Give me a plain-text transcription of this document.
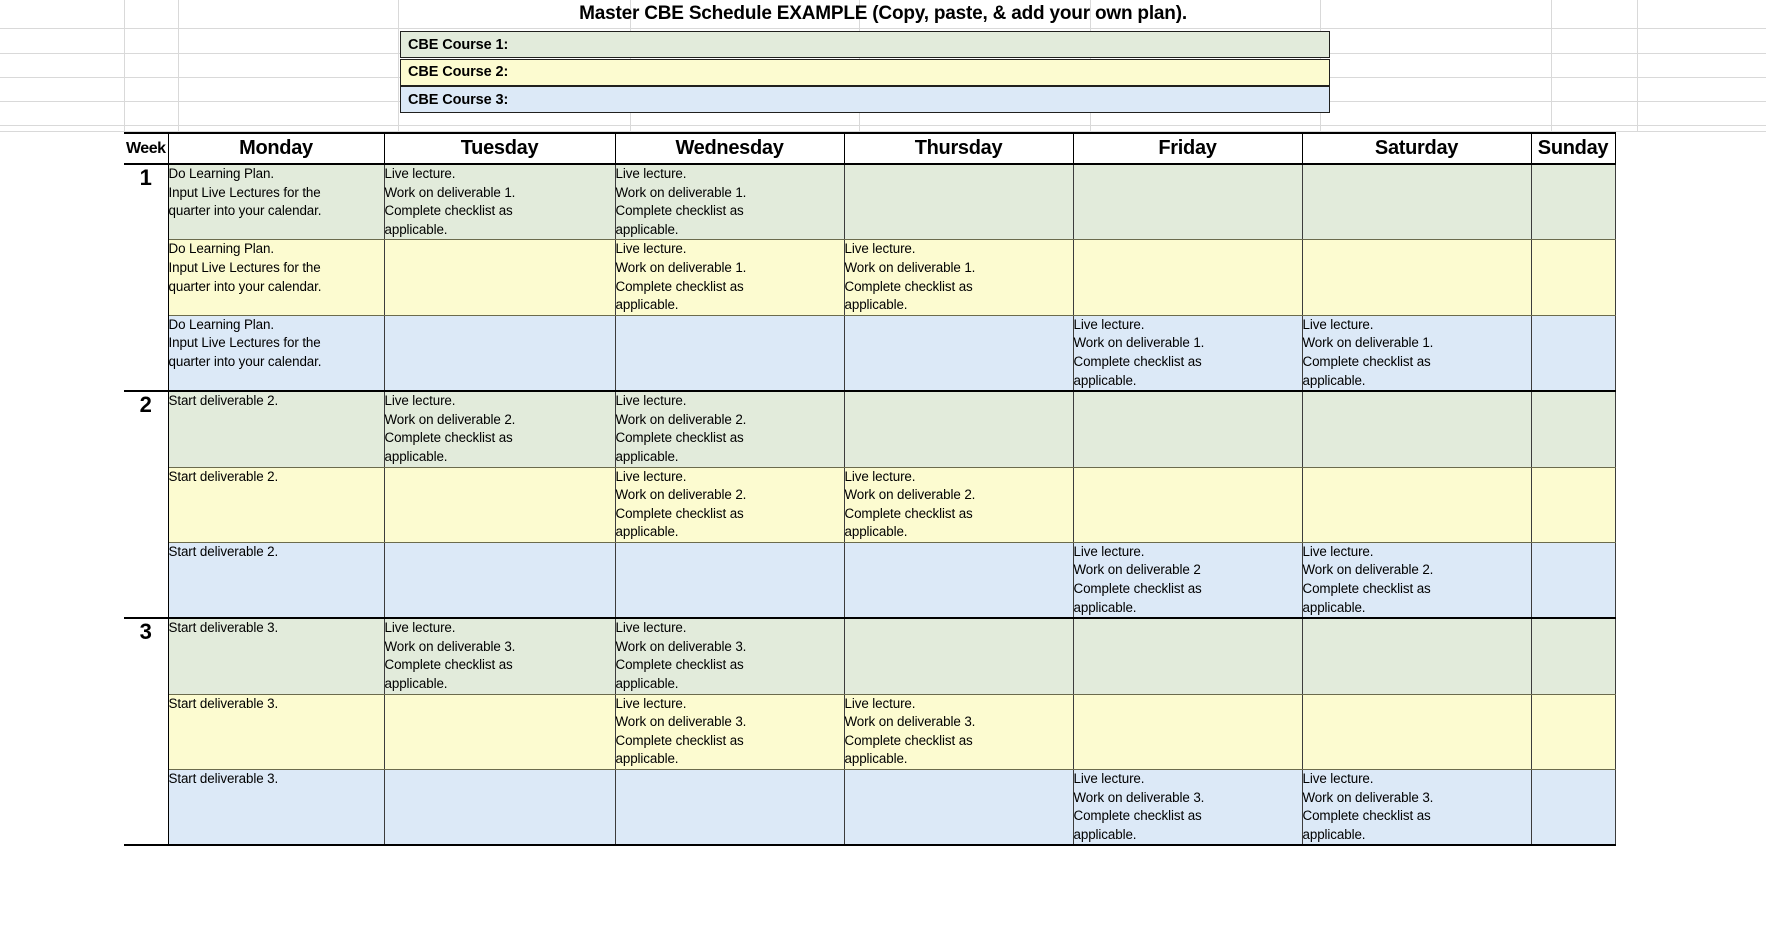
Master CBE Schedule EXAMPLE (Copy, paste, & add your own plan).
CBE Course 1:
CBE Course 2:
CBE Course 3:
Week	Monday	Tuesday	Wednesday	Thursday	Friday	Saturday	Sunday
1	Do Learning Plan.
Input Live Lectures for the
quarter into your calendar.	Live lecture.
Work on deliverable 1.
Complete checklist as
applicable.	Live lecture.
Work on deliverable 1.
Complete checklist as
applicable.				

	Do Learning Plan.
Input Live Lectures for the
quarter into your calendar.		Live lecture.
Work on deliverable 1.
Complete checklist as
applicable.	Live lecture.
Work on deliverable 1.
Complete checklist as
applicable.			

	Do Learning Plan.
Input Live Lectures for the
quarter into your calendar.				Live lecture.
Work on deliverable 1.
Complete checklist as
applicable.	Live lecture.
Work on deliverable 1.
Complete checklist as
applicable.	

2	Start deliverable 2.	Live lecture.
Work on deliverable 2.
Complete checklist as
applicable.	Live lecture.
Work on deliverable 2.
Complete checklist as
applicable.				

	Start deliverable 2.		Live lecture.
Work on deliverable 2.
Complete checklist as
applicable.	Live lecture.
Work on deliverable 2.
Complete checklist as
applicable.			

	Start deliverable 2.				Live lecture.
Work on deliverable 2
Complete checklist as
applicable.	Live lecture.
Work on deliverable 2.
Complete checklist as
applicable.	

3	Start deliverable 3.	Live lecture.
Work on deliverable 3.
Complete checklist as
applicable.	Live lecture.
Work on deliverable 3.
Complete checklist as
applicable.				

	Start deliverable 3.		Live lecture.
Work on deliverable 3.
Complete checklist as
applicable.	Live lecture.
Work on deliverable 3.
Complete checklist as
applicable.			

	Start deliverable 3.				Live lecture.
Work on deliverable 3.
Complete checklist as
applicable.	Live lecture.
Work on deliverable 3.
Complete checklist as
applicable.	
